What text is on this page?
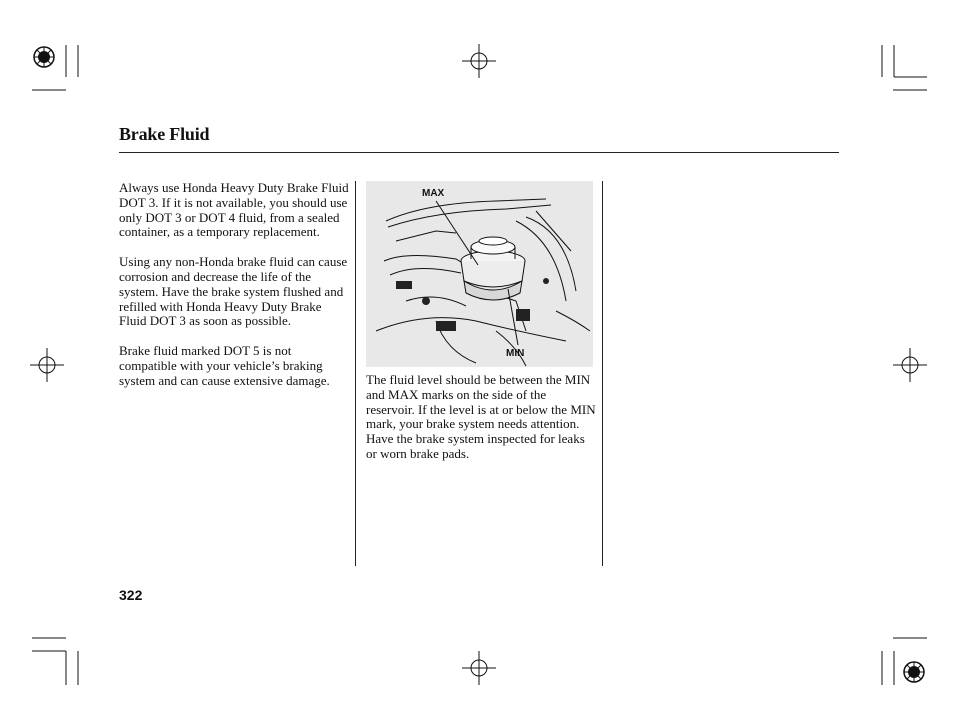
Brake Fluid

Always use Honda Heavy Duty Brake Fluid DOT 3. If it is not available, you should use only DOT 3 or DOT 4 fluid, from a sealed container, as a temporary replacement.

Using any non-Honda brake fluid can cause corrosion and decrease the life of the system. Have the brake system flushed and refilled with Honda Heavy Duty Brake Fluid DOT 3 as soon as possible.

Brake fluid marked DOT 5 is not compatible with your vehicle’s braking system and can cause extensive damage.

MAX
MIN

The fluid level should be between the MIN and MAX marks on the side of the reservoir. If the level is at or below the MIN mark, your brake system needs attention. Have the brake system inspected for leaks or worn brake pads.

322
